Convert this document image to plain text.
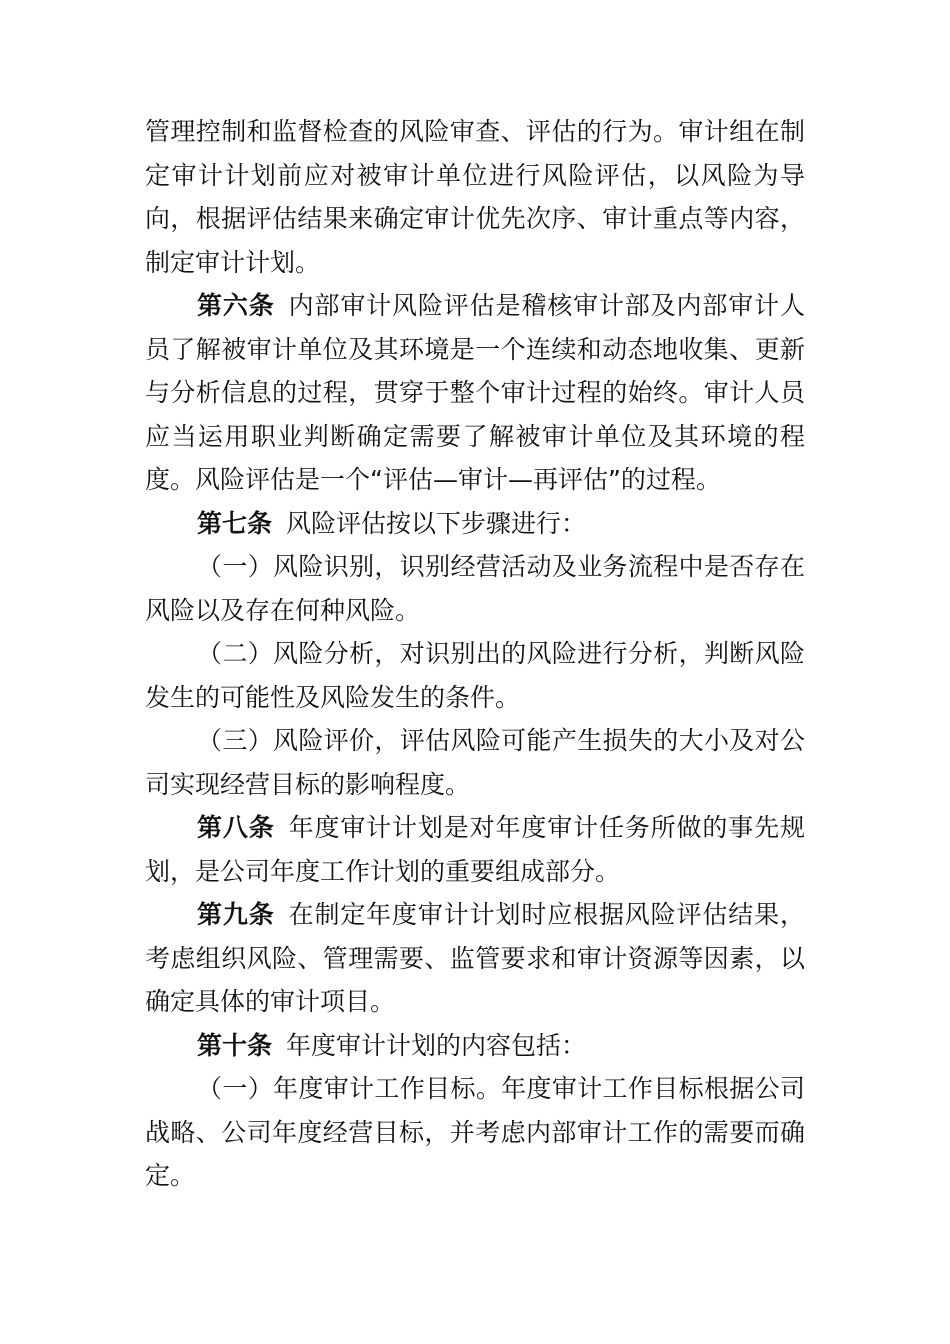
管理控制和监督检查的风险审查、评估的行为。审计组在制定审计计划前应对被审计单位进行风险评估，以风险为导向，根据评估结果来确定审计优先次序、审计重点等内容，制定审计计划。

第六条 内部审计风险评估是稽核审计部及内部审计人员了解被审计单位及其环境是一个连续和动态地收集、更新与分析信息的过程，贯穿于整个审计过程的始终。审计人员应当运用职业判断确定需要了解被审计单位及其环境的程度。风险评估是一个“评估—审计—再评估”的过程。

第七条 风险评估按以下步骤进行：

（一）风险识别，识别经营活动及业务流程中是否存在风险以及存在何种风险。

（二）风险分析，对识别出的风险进行分析，判断风险发生的可能性及风险发生的条件。

（三）风险评价，评估风险可能产生损失的大小及对公司实现经营目标的影响程度。

第八条 年度审计计划是对年度审计任务所做的事先规划，是公司年度工作计划的重要组成部分。

第九条 在制定年度审计计划时应根据风险评估结果，考虑组织风险、管理需要、监管要求和审计资源等因素，以确定具体的审计项目。

第十条 年度审计计划的内容包括：

（一）年度审计工作目标。年度审计工作目标根据公司战略、公司年度经营目标，并考虑内部审计工作的需要而确定。
